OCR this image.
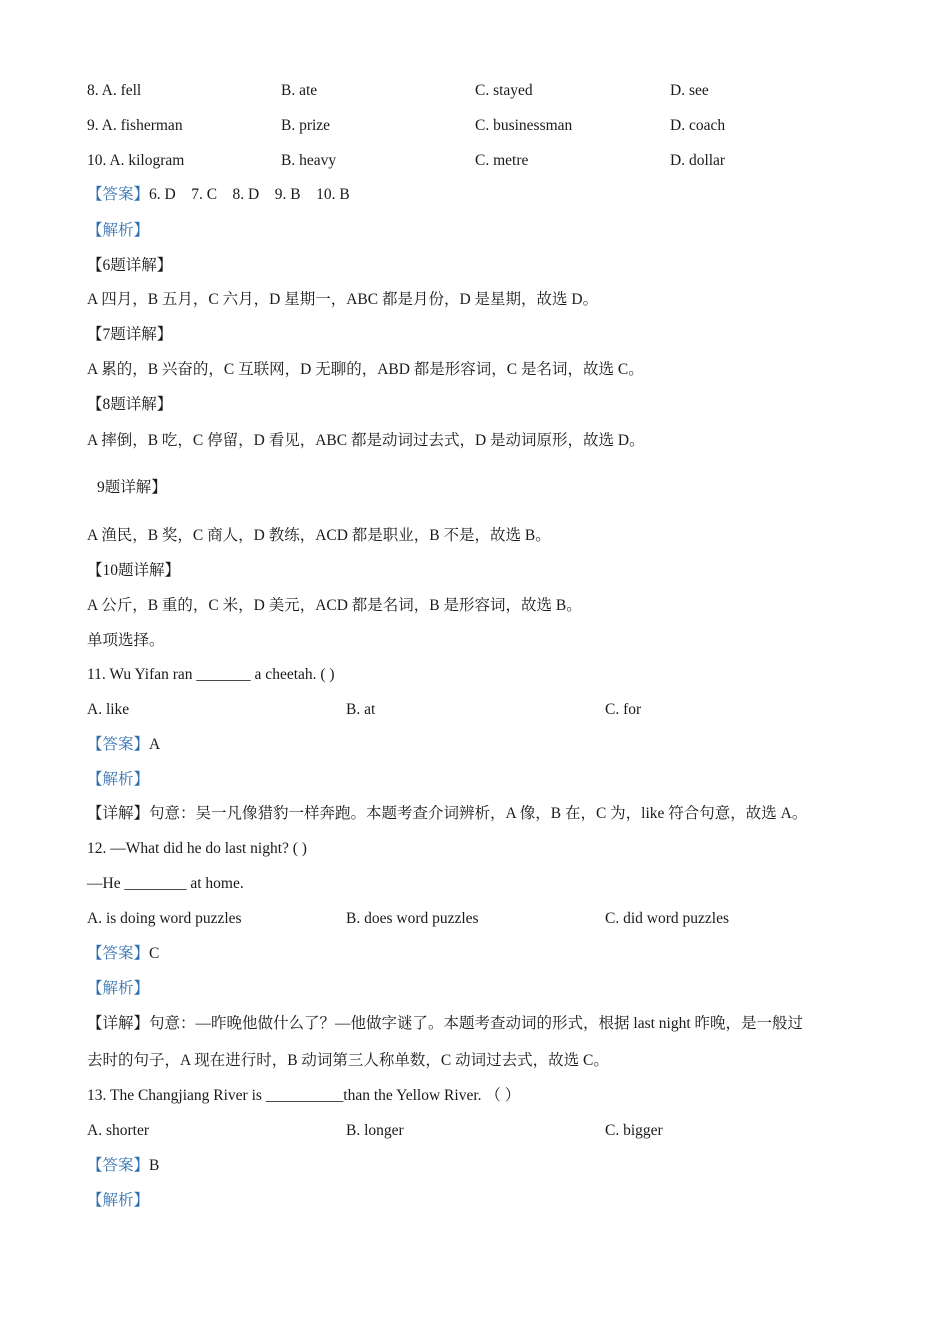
8. A. fell	B. ate	C. stayed	D. see
9. A. fisherman	B. prize	C. businessman	D. coach
10. A. kilogram	B. heavy	C. metre	D. dollar
【答案】6. D    7. C    8. D    9. B    10. B
【解析】
【6题详解】
A 四月，B 五月，C 六月，D 星期一，ABC 都是月份，D 是星期，故选 D。
【7题详解】
A 累的，B 兴奋的，C 互联网，D 无聊的，ABD 都是形容词，C 是名词，故选 C。
【8题详解】
A 摔倒，B 吃，C 停留，D 看见，ABC 都是动词过去式，D 是动词原形，故选 D。
9题详解】
A 渔民，B 奖，C 商人，D 教练，ACD 都是职业，B 不是，故选 B。
【10题详解】
A 公斤，B 重的，C 米，D 美元，ACD 都是名词，B 是形容词，故选 B。
单项选择。
11. Wu Yifan ran _______ a cheetah. ( )
A. like	B. at	C. for
【答案】A
【解析】
【详解】句意：吴一凡像猎豹一样奔跑。本题考查介词辨析，A 像，B 在，C 为，like 符合句意，故选 A。
12. —What did he do last night? ( )
—He ________ at home.
A. is doing word puzzles	B. does word puzzles	C. did word puzzles
【答案】C
【解析】
【详解】句意：—昨晚他做什么了？—他做字谜了。本题考查动词的形式，根据 last night 昨晚，是一般过
去时的句子，A 现在进行时，B 动词第三人称单数，C 动词过去式，故选 C。
13. The Changjiang River is __________than the Yellow River. （ ）
A. shorter	B. longer	C. bigger
【答案】B
【解析】
